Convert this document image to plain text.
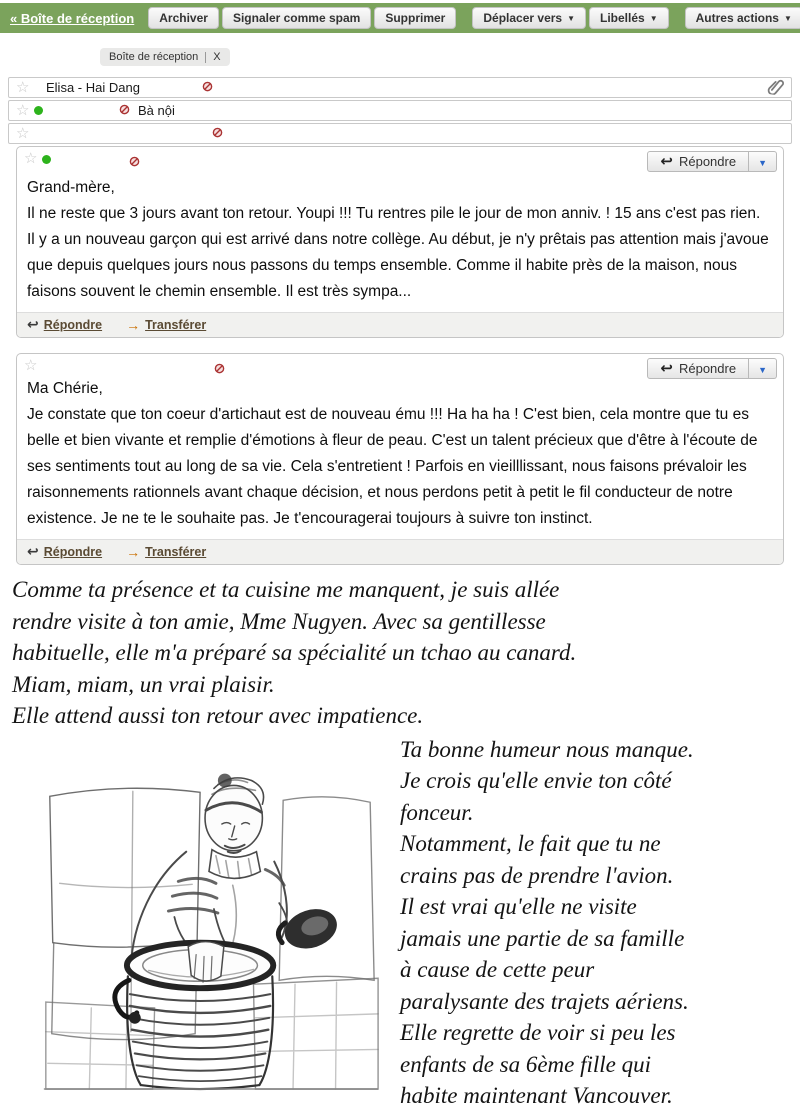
« Boîte de réception	Archiver	Signaler comme spam	Supprimer	Déplacer vers ▼	Libellés ▼	Autres actions ▼
Boîte de réception X
☆	Elisa - Hai Dang
☆	Bà nội
☆
☆	↩ Répondre	▼

Grand-mère,

Il ne reste que 3 jours avant ton retour. Youpi !!! Tu rentres pile le jour de mon anniv. ! 15 ans c'est pas rien.

Il y a un nouveau garçon qui est arrivé dans notre collège. Au début, je n'y prêtais pas attention mais j'avoue que depuis quelques jours nous passons du temps ensemble. Comme il habite près de la maison, nous faisons souvent le chemin ensemble. Il est très sympa...

↩ Répondre → Transférer
☆	↩ Répondre	▼

Ma Chérie,

Je constate que ton coeur d'artichaut est de nouveau ému !!! Ha ha ha ! C'est bien, cela montre que tu es belle et bien vivante et remplie d'émotions à fleur de peau. C'est un talent précieux que d'être à l'écoute de ses sentiments tout au long de sa vie. Cela s'entretient ! Parfois en vieilllissant, nous faisons prévaloir les raisonnements rationnels avant chaque décision, et nous perdons petit à petit le fil conducteur de notre existence. Je ne te le souhaite pas. Je t'encouragerai toujours à suivre ton instinct.

↩ Répondre → Transférer
Comme ta présence et ta cuisine me manquent, je suis allée
rendre visite à ton amie, Mme Nugyen. Avec sa gentillesse
habituelle, elle m'a préparé sa spécialité un tchao au canard.
Miam, miam, un vrai plaisir.
Elle attend aussi ton retour avec impatience.
Ta bonne humeur nous manque.
Je crois qu'elle envie ton côté
fonceur.
Notamment, le fait que tu ne
crains pas de prendre l'avion.
Il est vrai qu'elle ne visite
jamais une partie de sa famille
à cause de cette peur
paralysante des trajets aériens.
Elle regrette de voir si peu les
enfants de sa 6ème fille qui
habite maintenant Vancouver.
